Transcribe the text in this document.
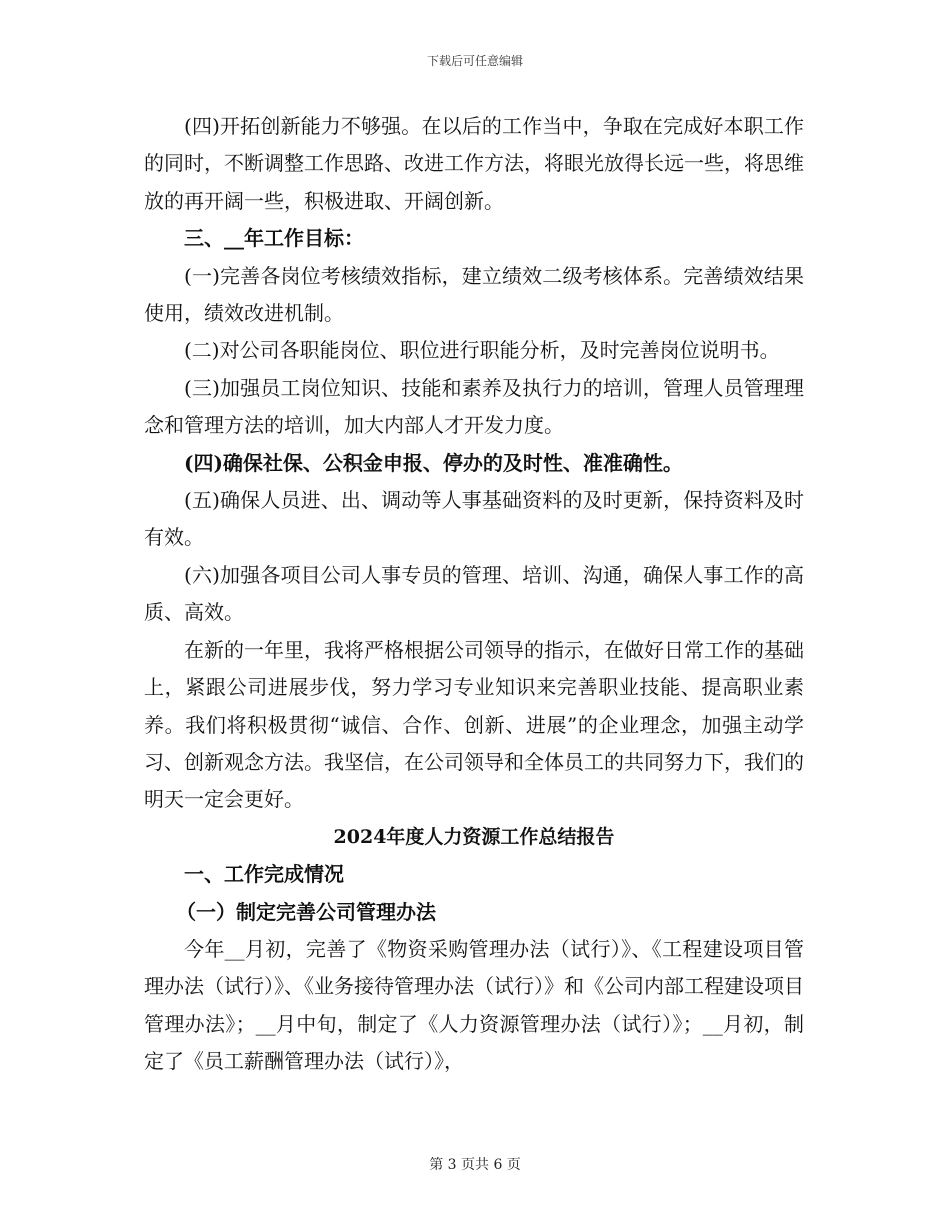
下载后可任意编辑

(四)开拓创新能力不够强。在以后的工作当中，争取在完成好本职工作的同时，不断调整工作思路、改进工作方法，将眼光放得长远一些，将思维放的再开阔一些，积极进取、开阔创新。

三、__年工作目标：

(一)完善各岗位考核绩效指标，建立绩效二级考核体系。完善绩效结果使用，绩效改进机制。

(二)对公司各职能岗位、职位进行职能分析，及时完善岗位说明书。

(三)加强员工岗位知识、技能和素养及执行力的培训，管理人员管理理念和管理方法的培训，加大内部人才开发力度。

(四)确保社保、公积金申报、停办的及时性、准准确性。

(五)确保人员进、出、调动等人事基础资料的及时更新，保持资料及时有效。

(六)加强各项目公司人事专员的管理、培训、沟通，确保人事工作的高质、高效。

在新的一年里，我将严格根据公司领导的指示，在做好日常工作的基础上，紧跟公司进展步伐，努力学习专业知识来完善职业技能、提高职业素养。我们将积极贯彻“诚信、合作、创新、进展”的企业理念，加强主动学习、创新观念方法。我坚信，在公司领导和全体员工的共同努力下，我们的明天一定会更好。

2024年度人力资源工作总结报告

一、工作完成情况

（一）制定完善公司管理办法

今年__月初，完善了《物资采购管理办法（试行）》、《工程建设项目管理办法（试行）》、《业务接待管理办法（试行）》和《公司内部工程建设项目管理办法》；__月中旬，制定了《人力资源管理办法（试行）》；__月初，制定了《员工薪酬管理办法（试行）》，

第 3 页共 6 页
